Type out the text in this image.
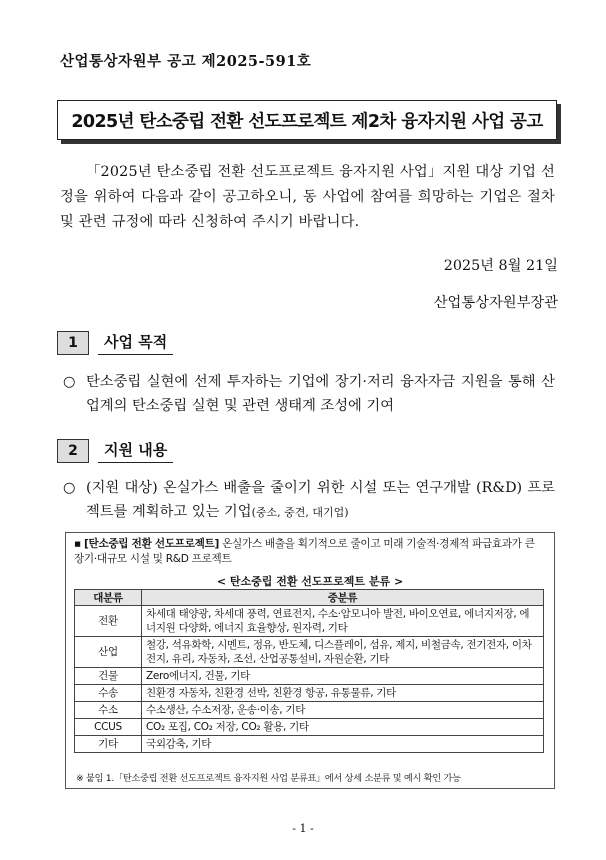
산업통상자원부 공고 제2025-591호
2025년 탄소중립 전환 선도프로젝트 제2차 융자지원 사업 공고
「2025년 탄소중립 전환 선도프로젝트 융자지원 사업」지원 대상 기업 선정을 위하여 다음과 같이 공고하오니, 동 사업에 참여를 희망하는 기업은 절차 및 관련 규정에 따라 신청하여 주시기 바랍니다.
2025년 8월 21일
산업통상자원부장관
1	사업 목적
○ 탄소중립 실현에 선제 투자하는 기업에 장기·저리 융자자금 지원을 통해 산업계의 탄소중립 실현 및 관련 생태계 조성에 기여
2	지원 내용
○ (지원 대상) 온실가스 배출을 줄이기 위한 시설 또는 연구개발 (R&D) 프로젝트를 계획하고 있는 기업(중소, 중견, 대기업)
▪ [탄소중립 전환 선도프로젝트] 온실가스 배출을 획기적으로 줄이고 미래 기술적·경제적 파급효과가 큰 장기·대규모 시설 및 R&D 프로젝트
< 탄소중립 전환 선도프로젝트 분류 >
대분류	중분류
전환	차세대 태양광, 차세대 풍력, 연료전지, 수소·암모니아 발전, 바이오연료, 에너지저장, 에너지원 다양화, 에너지 효율향상, 원자력, 기타
산업	철강, 석유화학, 시멘트, 정유, 반도체, 디스플레이, 섬유, 제지, 비철금속, 전기전자, 이차전지, 유리, 자동차, 조선, 산업공통설비, 자원순환, 기타
건물	Zero에너지, 건물, 기타
수송	친환경 자동차, 친환경 선박, 친환경 항공, 유통물류, 기타
수소	수소생산, 수소저장, 운송·이송, 기타
CCUS	CO₂ 포집, CO₂ 저장, CO₂ 활용, 기타
기타	국외감축, 기타
※ 붙임 1.「탄소중립 전환 선도프로젝트 융자지원 사업 분류표」에서 상세 소분류 및 예시 확인 가능
- 1 -
